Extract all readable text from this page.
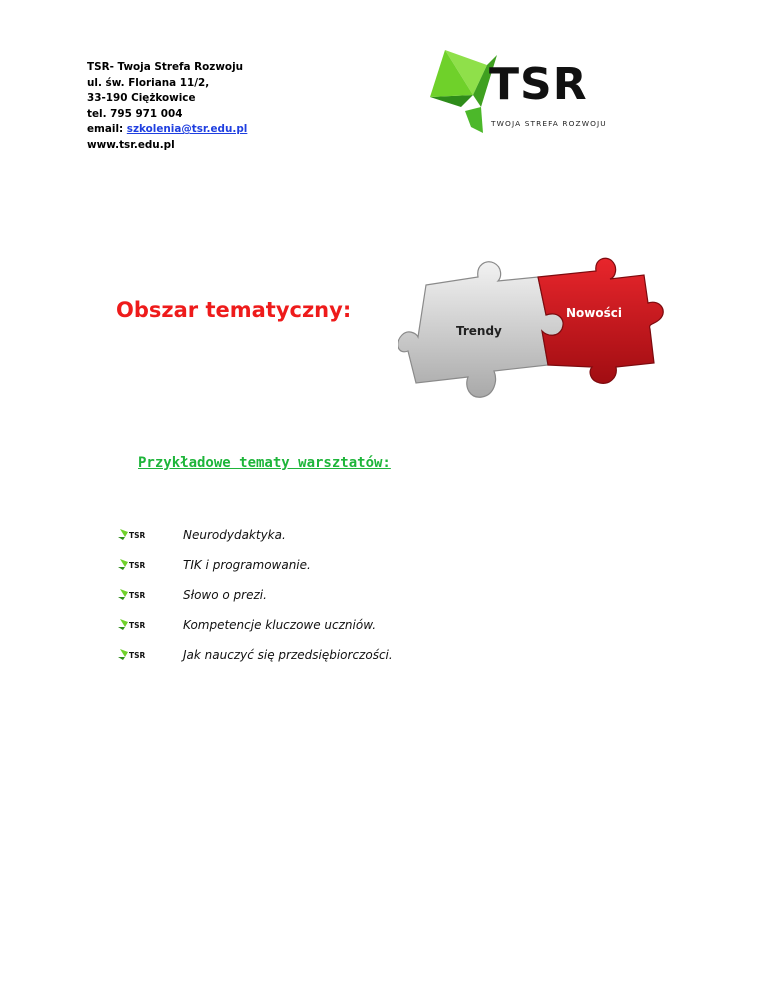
TSR- Twoja Strefa Rozwoju
ul. św. Floriana 11/2,
33-190 Ciężkowice
tel. 795 971 004
email: szkolenia@tsr.edu.pl
www.tsr.edu.pl
TSR
TWOJA STREFA ROZWOJU
Obszar tematyczny:
Trendy
Nowości
Przykładowe tematy warsztatów:
TSR	Neurodydaktyka.
TSR	TIK i programowanie.
TSR	Słowo o prezi.
TSR	Kompetencje kluczowe uczniów.
TSR	Jak nauczyć się przedsiębiorczości.
